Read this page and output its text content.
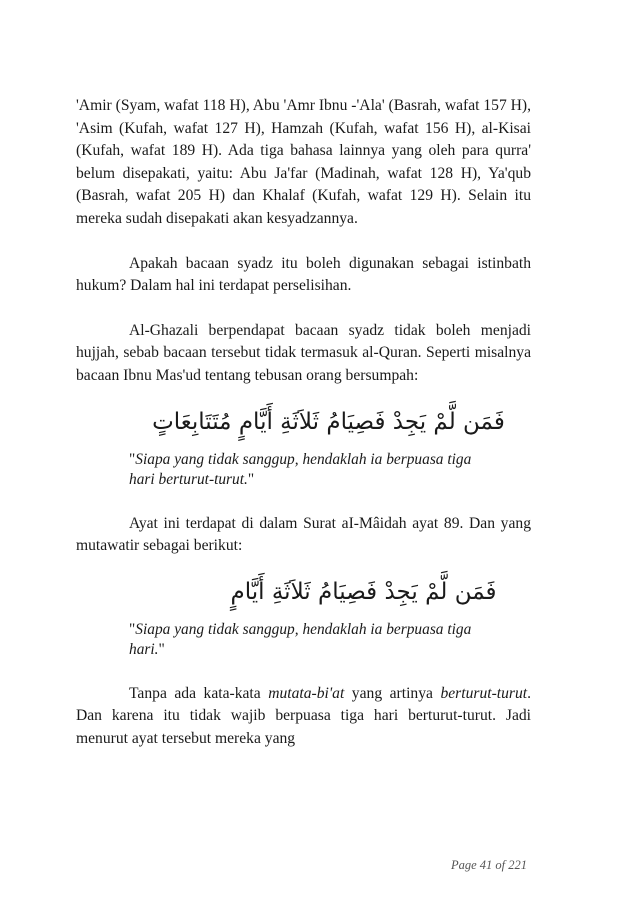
'Amir (Syam, wafat 118 H), Abu 'Amr Ibnu -'Ala' (Basrah, wafat 157 H), 'Asim (Kufah, wafat 127 H), Hamzah (Kufah, wafat 156 H), al-Kisai (Kufah, wafat 189 H). Ada tiga bahasa lainnya yang oleh para qurra' belum disepakati, yaitu: Abu Ja'far (Madinah, wafat 128 H), Ya'qub (Basrah, wafat 205 H) dan Khalaf (Kufah, wafat 129 H). Selain itu mereka sudah disepakati akan kesyadzannya.

Apakah bacaan syadz itu boleh digunakan sebagai istinbath hukum? Dalam hal ini terdapat perselisihan.

Al-Ghazali berpendapat bacaan syadz tidak boleh menjadi hujjah, sebab bacaan tersebut tidak termasuk al-Quran. Seperti misalnya bacaan Ibnu Mas'ud tentang tebusan orang bersumpah:

فَمَن لَّمْ يَجِدْ فَصِيَامُ ثَلاَثَةِ أَيَّامٍ مُتَتَابِعَاتٍ

"Siapa yang tidak sanggup, hendaklah ia berpuasa tiga hari berturut-turut."

Ayat ini terdapat di dalam Surat aI-Mâidah ayat 89. Dan yang mutawatir sebagai berikut:

فَمَن لَّمْ يَجِدْ فَصِيَامُ ثَلاَثَةِ أَيَّامٍ

"Siapa yang tidak sanggup, hendaklah ia berpuasa tiga hari."

Tanpa ada kata-kata mutata-bi'at yang artinya berturut-turut. Dan karena itu tidak wajib berpuasa tiga hari berturut-turut. Jadi menurut ayat tersebut mereka yang

Page 41 of 221
